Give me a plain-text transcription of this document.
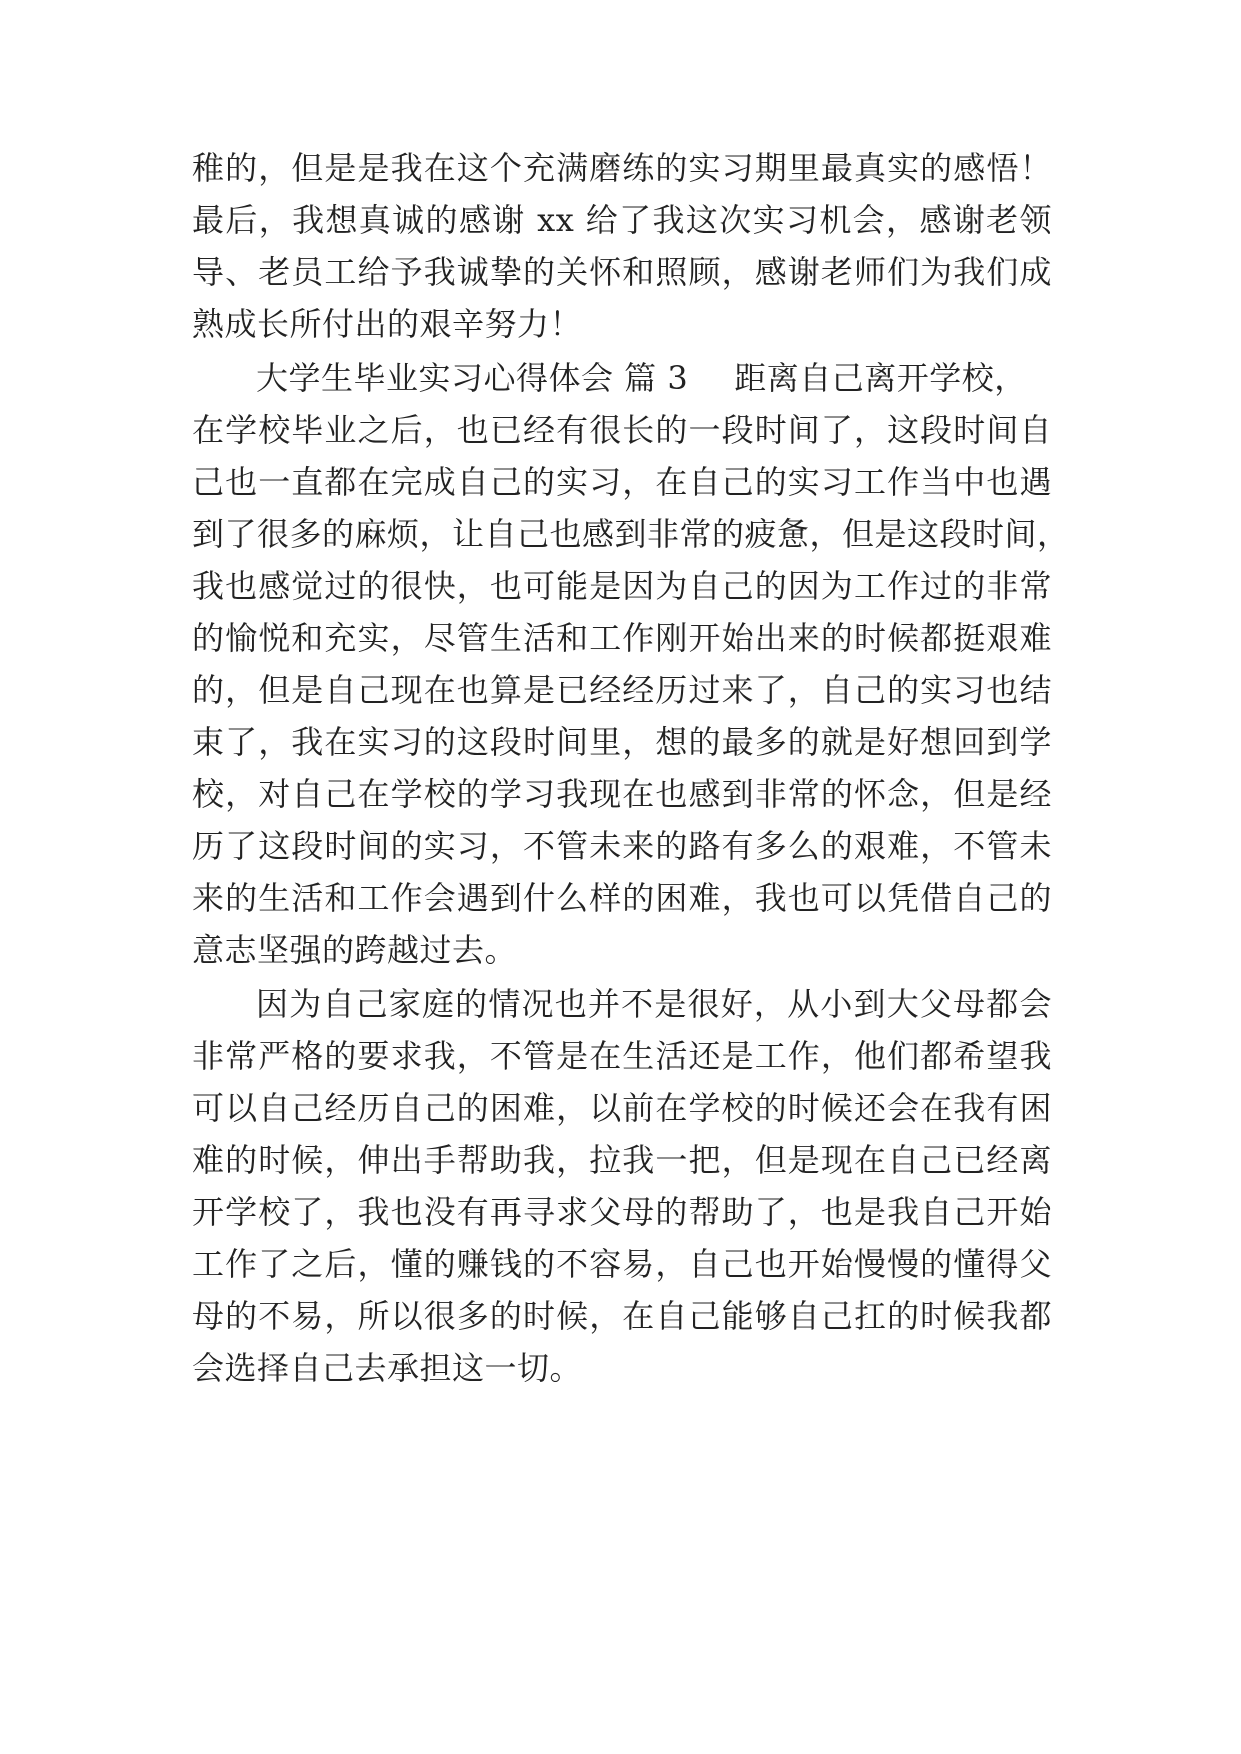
稚的，但是是我在这个充满磨练的实习期里最真实的感悟！
最后，我想真诚的感谢 xx 给了我这次实习机会，感谢老领
导、老员工给予我诚挚的关怀和照顾，感谢老师们为我们成
熟成长所付出的艰辛努力！
大学生毕业实习心得体会 篇 3 距离自己离开学校，
在学校毕业之后，也已经有很长的一段时间了，这段时间自
己也一直都在完成自己的实习，在自己的实习工作当中也遇
到了很多的麻烦，让自己也感到非常的疲惫，但是这段时间，
我也感觉过的很快，也可能是因为自己的因为工作过的非常
的愉悦和充实，尽管生活和工作刚开始出来的时候都挺艰难
的，但是自己现在也算是已经经历过来了，自己的实习也结
束了，我在实习的这段时间里，想的最多的就是好想回到学
校，对自己在学校的学习我现在也感到非常的怀念，但是经
历了这段时间的实习，不管未来的路有多么的艰难，不管未
来的生活和工作会遇到什么样的困难，我也可以凭借自己的
意志坚强的跨越过去。
因为自己家庭的情况也并不是很好，从小到大父母都会
非常严格的要求我，不管是在生活还是工作，他们都希望我
可以自己经历自己的困难，以前在学校的时候还会在我有困
难的时候，伸出手帮助我，拉我一把，但是现在自己已经离
开学校了，我也没有再寻求父母的帮助了，也是我自己开始
工作了之后，懂的赚钱的不容易，自己也开始慢慢的懂得父
母的不易，所以很多的时候，在自己能够自己扛的时候我都
会选择自己去承担这一切。
